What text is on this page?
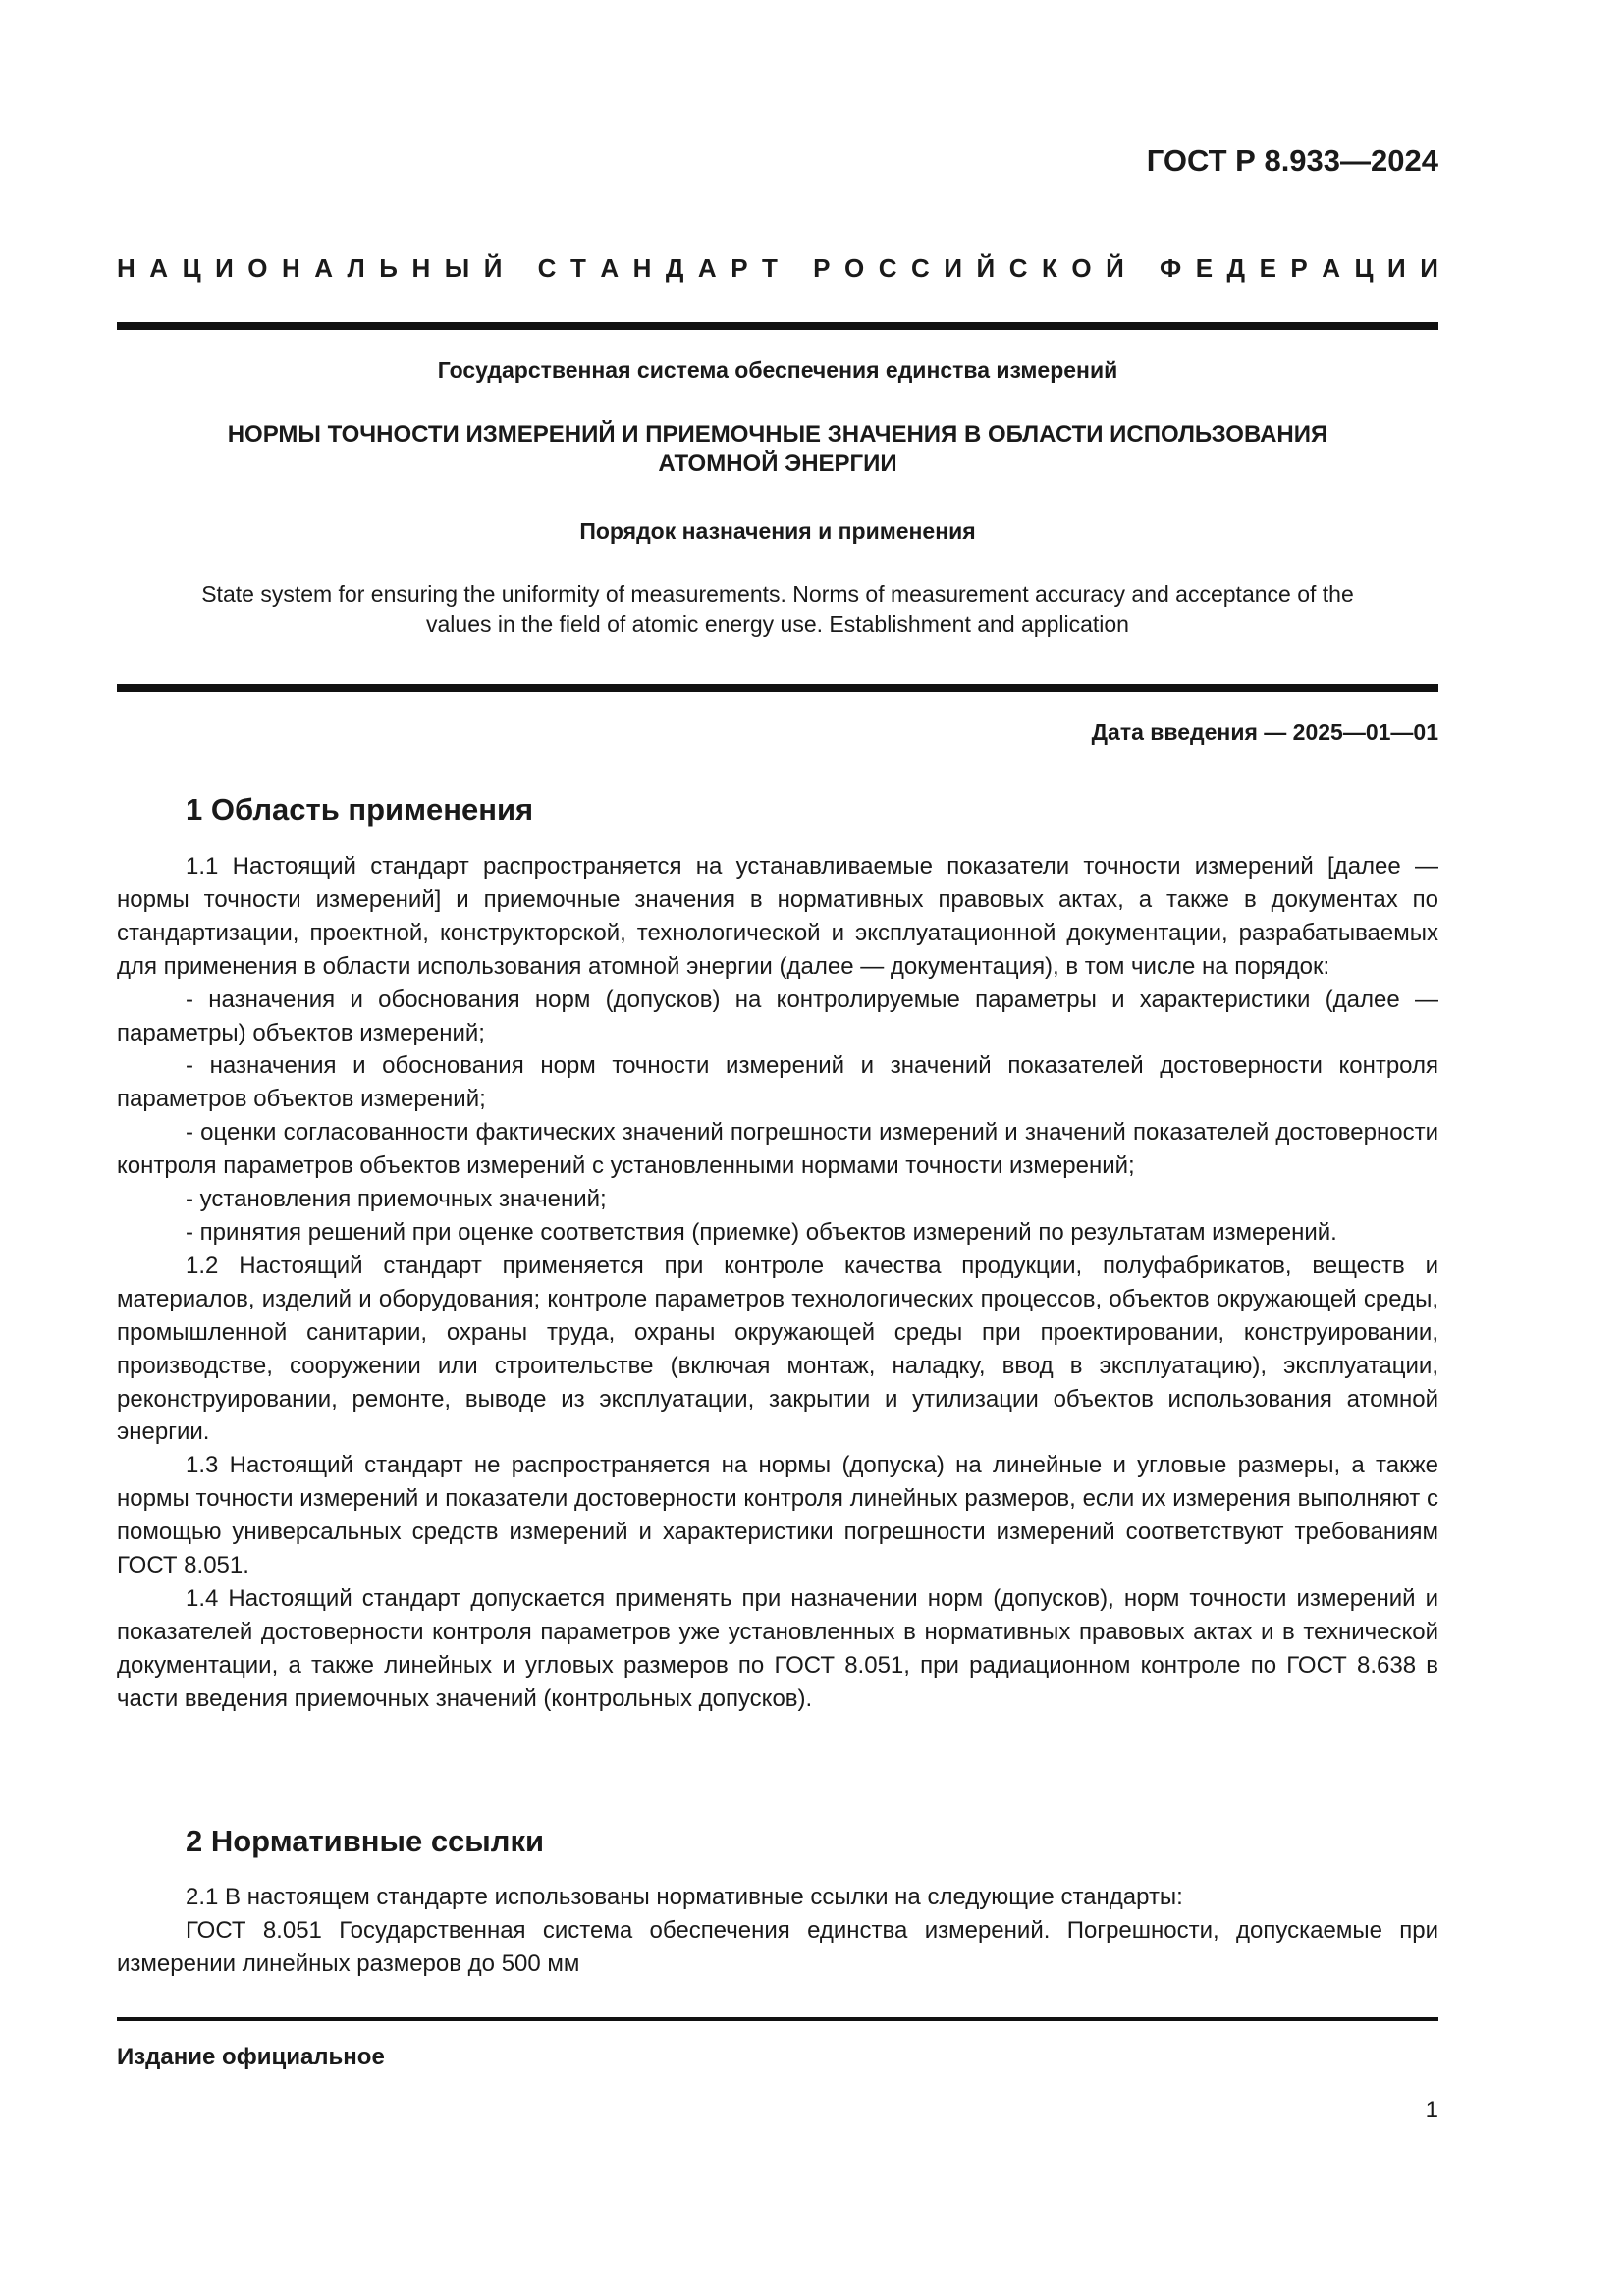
ГОСТ Р 8.933—2024
Н А Ц И О Н А Л Ь Н Ы Й
С Т А Н Д А Р Т
Р О С С И Й С К О Й
Ф Е Д Е Р А Ц И И
Государственная система обеспечения единства измерений
НОРМЫ ТОЧНОСТИ ИЗМЕРЕНИЙ И ПРИЕМОЧНЫЕ ЗНАЧЕНИЯ В ОБЛАСТИ ИСПОЛЬЗОВАНИЯ
АТОМНОЙ ЭНЕРГИИ
Порядок назначения и применения
State system for ensuring the uniformity of measurements. Norms of measurement accuracy and acceptance of the
values in the field of atomic energy use. Establishment and application
Дата введения — 2025—01—01
1 Область применения

1.1 Настоящий стандарт распространяется на устанавливаемые показатели точности измерений [далее — нормы точности измерений] и приемочные значения в нормативных правовых актах, а также в документах по стандартизации, проектной, конструкторской, технологической и эксплуатационной документации, разрабатываемых для применения в области использования атомной энергии (далее — документация), в том числе на порядок:

- назначения и обоснования норм (допусков) на контролируемые параметры и характеристики (далее — параметры) объектов измерений;

- назначения и обоснования норм точности измерений и значений показателей достоверности контроля параметров объектов измерений;

- оценки согласованности фактических значений погрешности измерений и значений показателей достоверности контроля параметров объектов измерений с установленными нормами точности измерений;

- установления приемочных значений;

- принятия решений при оценке соответствия (приемке) объектов измерений по результатам измерений.

1.2 Настоящий стандарт применяется при контроле качества продукции, полуфабрикатов, веществ и материалов, изделий и оборудования; контроле параметров технологических процессов, объектов окружающей среды, промышленной санитарии, охраны труда, охраны окружающей среды при проектировании, конструировании, производстве, сооружении или строительстве (включая монтаж, наладку, ввод в эксплуатацию), эксплуатации, реконструировании, ремонте, выводе из эксплуатации, закрытии и утилизации объектов использования атомной энергии.

1.3 Настоящий стандарт не распространяется на нормы (допуска) на линейные и угловые размеры, а также нормы точности измерений и показатели достоверности контроля линейных размеров, если их измерения выполняют с помощью универсальных средств измерений и характеристики погрешности измерений соответствуют требованиям ГОСТ 8.051.

1.4 Настоящий стандарт допускается применять при назначении норм (допусков), норм точности измерений и показателей достоверности контроля параметров уже установленных в нормативных правовых актах и в технической документации, а также линейных и угловых размеров по ГОСТ 8.051, при радиационном контроле по ГОСТ 8.638 в части введения приемочных значений (контрольных допусков).

2 Нормативные ссылки

2.1 В настоящем стандарте использованы нормативные ссылки на следующие стандарты:

ГОСТ 8.051 Государственная система обеспечения единства измерений. Погрешности, допускаемые при измерении линейных размеров до 500 мм

Издание официальное
1
